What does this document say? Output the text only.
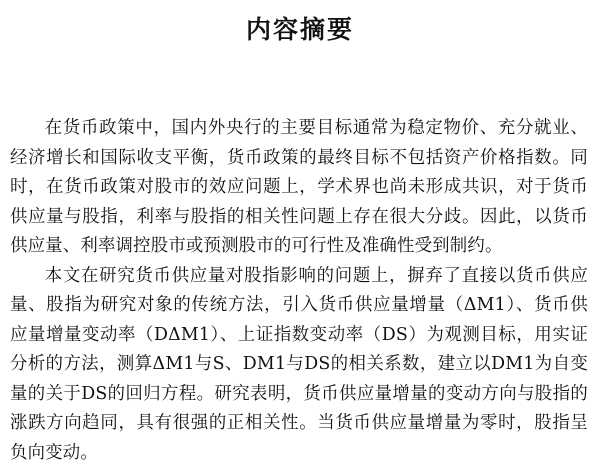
内容摘要

在货币政策中，国内外央行的主要目标通常为稳定物价、充分就业、经济增长和国际收支平衡，货币政策的最终目标不包括资产价格指数。同时，在货币政策对股市的效应问题上，学术界也尚未形成共识，对于货币供应量与股指，利率与股指的相关性问题上存在很大分歧。因此，以货币供应量、利率调控股市或预测股市的可行性及准确性受到制约。

本文在研究货币供应量对股指影响的问题上，摒弃了直接以货币供应量、股指为研究对象的传统方法，引入货币供应量增量（ΔM1）、货币供应量增量变动率（DΔM1）、上证指数变动率（DS）为观测目标，用实证分析的方法，测算ΔM1与S、DM1与DS的相关系数，建立以DM1为自变量的关于DS的回归方程。研究表明，货币供应量增量的变动方向与股指的涨跌方向趋同，具有很强的正相关性。当货币供应量增量为零时，股指呈负向变动。
